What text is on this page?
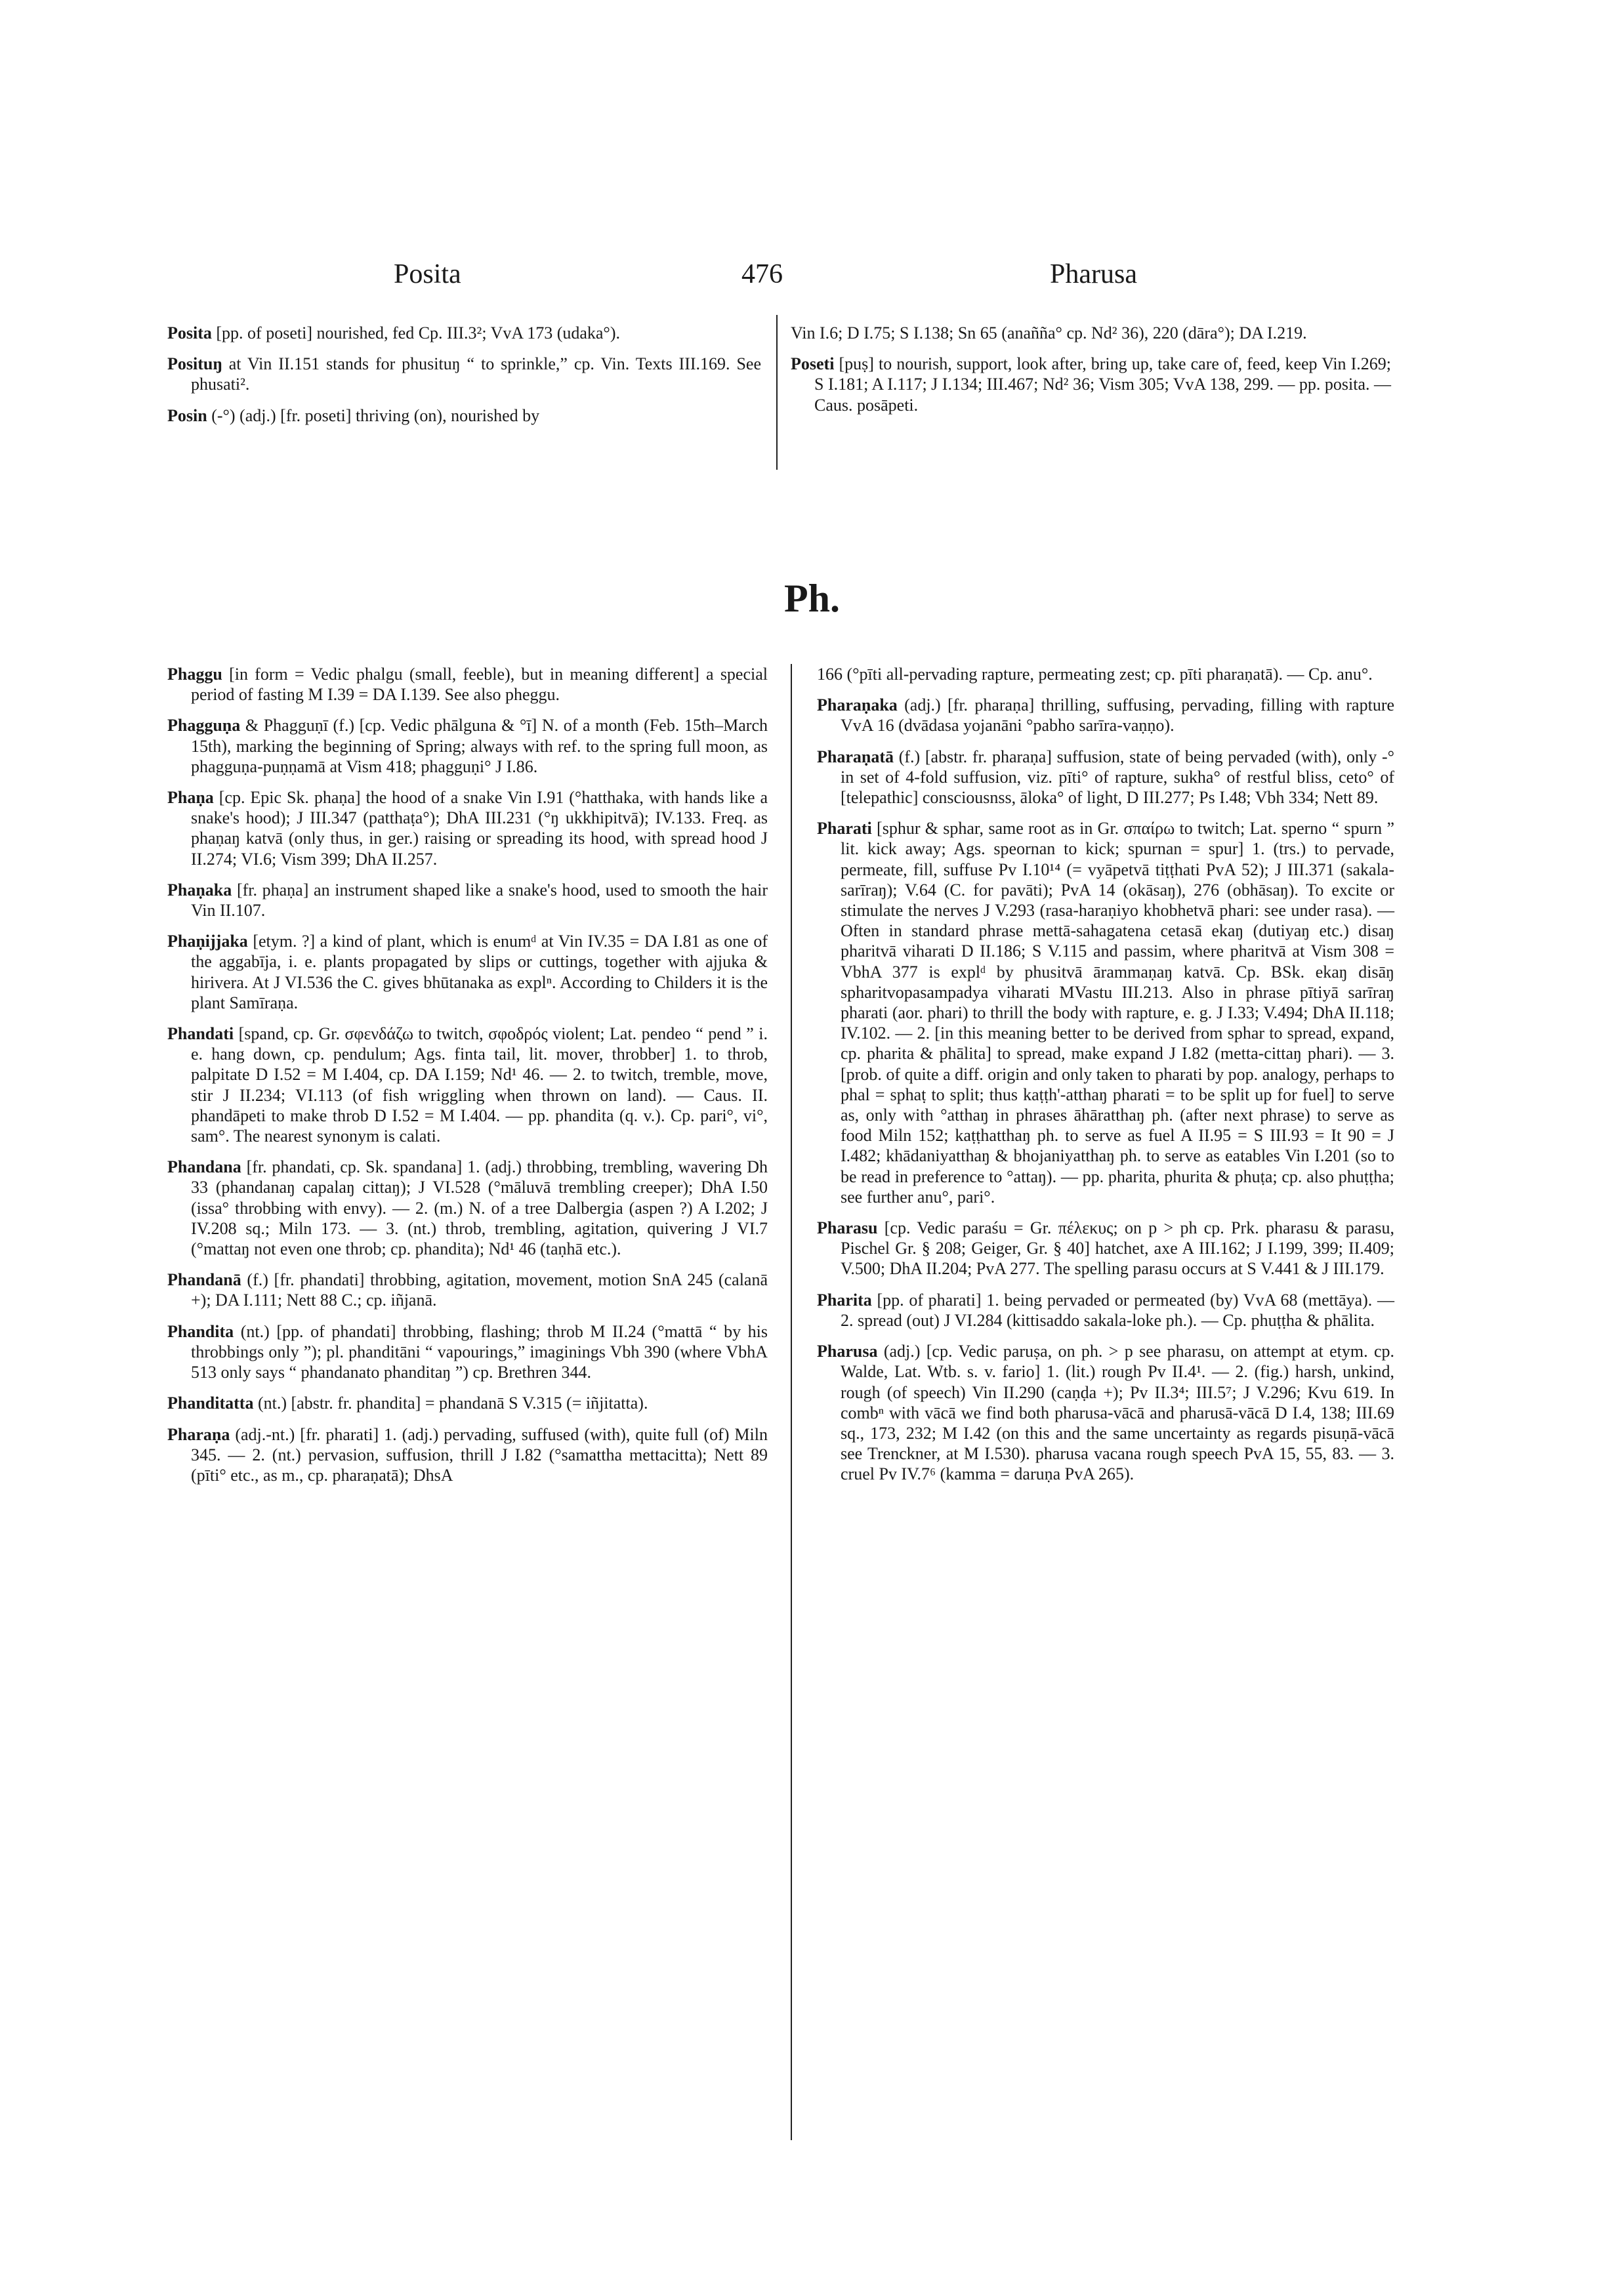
Posita	476	Pharusa

Posita [pp. of poseti] nourished, fed Cp. III.3²; VvA 173 (udaka°).

Posituŋ at Vin II.151 stands for phusituŋ “ to sprinkle,” cp. Vin. Texts III.169. See phusati².

Posin (-°) (adj.) [fr. poseti] thriving (on), nourished by

Vin I.6; D I.75; S I.138; Sn 65 (anañña° cp. Nd² 36), 220 (dāra°); DA I.219.

Poseti [puṣ] to nourish, support, look after, bring up, take care of, feed, keep Vin I.269; S I.181; A I.117; J I.134; III.467; Nd² 36; Vism 305; VvA 138, 299. — pp. posita. — Caus. posāpeti.

Ph.

Phaggu [in form = Vedic phalgu (small, feeble), but in meaning different] a special period of fasting M I.39 = DA I.139. See also pheggu.

Phagguṇa & Phagguṇī (f.) [cp. Vedic phālguna & °ī] N. of a month (Feb. 15th–March 15th), marking the beginning of Spring; always with ref. to the spring full moon, as phagguṇa-puṇṇamā at Vism 418; phagguṇi° J I.86.

Phaṇa [cp. Epic Sk. phaṇa] the hood of a snake Vin I.91 (°hatthaka, with hands like a snake's hood); J III.347 (patthaṭa°); DhA III.231 (°ŋ ukkhipitvā); IV.133. Freq. as phaṇaŋ katvā (only thus, in ger.) raising or spreading its hood, with spread hood J II.274; VI.6; Vism 399; DhA II.257.

Phaṇaka [fr. phaṇa] an instrument shaped like a snake's hood, used to smooth the hair Vin II.107.

Phaṇijjaka [etym. ?] a kind of plant, which is enumᵈ at Vin IV.35 = DA I.81 as one of the aggabīja, i. e. plants propagated by slips or cuttings, together with ajjuka & hirivera. At J VI.536 the C. gives bhūtanaka as explⁿ. According to Childers it is the plant Samīraṇa.

Phandati [spand, cp. Gr. σφενδάζω to twitch, σφοδρός violent; Lat. pendeo “ pend ” i. e. hang down, cp. pendulum; Ags. finta tail, lit. mover, throbber] 1. to throb, palpitate D I.52 = M I.404, cp. DA I.159; Nd¹ 46. — 2. to twitch, tremble, move, stir J II.234; VI.113 (of fish wriggling when thrown on land). — Caus. II. phandāpeti to make throb D I.52 = M I.404. — pp. phandita (q. v.). Cp. pari°, vi°, sam°. The nearest synonym is calati.

Phandana [fr. phandati, cp. Sk. spandana] 1. (adj.) throbbing, trembling, wavering Dh 33 (phandanaŋ capalaŋ cittaŋ); J VI.528 (°māluvā trembling creeper); DhA I.50 (issa° throbbing with envy). — 2. (m.) N. of a tree Dalbergia (aspen ?) A I.202; J IV.208 sq.; Miln 173. — 3. (nt.) throb, trembling, agitation, quivering J VI.7 (°mattaŋ not even one throb; cp. phandita); Nd¹ 46 (taṇhā etc.).

Phandanā (f.) [fr. phandati] throbbing, agitation, movement, motion SnA 245 (calanā +); DA I.111; Nett 88 C.; cp. iñjanā.

Phandita (nt.) [pp. of phandati] throbbing, flashing; throb M II.24 (°mattā “ by his throbbings only ”); pl. phanditāni “ vapourings,” imaginings Vbh 390 (where VbhA 513 only says “ phandanato phanditaŋ ”) cp. Brethren 344.

Phanditatta (nt.) [abstr. fr. phandita] = phandanā S V.315 (= iñjitatta).

Pharaṇa (adj.-nt.) [fr. pharati] 1. (adj.) pervading, suffused (with), quite full (of) Miln 345. — 2. (nt.) pervasion, suffusion, thrill J I.82 (°samattha mettacitta); Nett 89 (pīti° etc., as m., cp. pharaṇatā); DhsA

166 (°pīti all-pervading rapture, permeating zest; cp. pīti pharaṇatā). — Cp. anu°.

Pharaṇaka (adj.) [fr. pharaṇa] thrilling, suffusing, pervading, filling with rapture VvA 16 (dvādasa yojanāni °pabho sarīra-vaṇṇo).

Pharaṇatā (f.) [abstr. fr. pharaṇa] suffusion, state of being pervaded (with), only -° in set of 4-fold suffusion, viz. pīti° of rapture, sukha° of restful bliss, ceto° of [telepathic] consciousnss, āloka° of light, D III.277; Ps I.48; Vbh 334; Nett 89.

Pharati [sphur & sphar, same root as in Gr. σπαίρω to twitch; Lat. sperno “ spurn ” lit. kick away; Ags. speornan to kick; spurnan = spur] 1. (trs.) to pervade, permeate, fill, suffuse Pv I.10¹⁴ (= vyāpetvā tiṭṭhati PvA 52); J III.371 (sakala-sarīraŋ); V.64 (C. for pavāti); PvA 14 (okāsaŋ), 276 (obhāsaŋ). To excite or stimulate the nerves J V.293 (rasa-haraṇiyo khobhetvā phari: see under rasa). — Often in standard phrase mettā-sahagatena cetasā ekaŋ (dutiyaŋ etc.) disaŋ pharitvā viharati D II.186; S V.115 and passim, where pharitvā at Vism 308 = VbhA 377 is explᵈ by phusitvā ārammaṇaŋ katvā. Cp. BSk. ekaŋ disāŋ spharitvopasampadya viharati MVastu III.213. Also in phrase pītiyā sarīraŋ pharati (aor. phari) to thrill the body with rapture, e. g. J I.33; V.494; DhA II.118; IV.102. — 2. [in this meaning better to be derived from sphar to spread, expand, cp. pharita & phālita] to spread, make expand J I.82 (metta-cittaŋ phari). — 3. [prob. of quite a diff. origin and only taken to pharati by pop. analogy, perhaps to phal = sphaṭ to split; thus kaṭṭh'-atthaŋ pharati = to be split up for fuel] to serve as, only with °atthaŋ in phrases āhāratthaŋ ph. (after next phrase) to serve as food Miln 152; kaṭṭhatthaŋ ph. to serve as fuel A II.95 = S III.93 = It 90 = J I.482; khādaniyatthaŋ & bhojaniyatthaŋ ph. to serve as eatables Vin I.201 (so to be read in preference to °attaŋ). — pp. pharita, phurita & phuṭa; cp. also phuṭṭha; see further anu°, pari°.

Pharasu [cp. Vedic paraśu = Gr. πέλεκυς; on p > ph cp. Prk. pharasu & parasu, Pischel Gr. § 208; Geiger, Gr. § 40] hatchet, axe A III.162; J I.199, 399; II.409; V.500; DhA II.204; PvA 277. The spelling parasu occurs at S V.441 & J III.179.

Pharita [pp. of pharati] 1. being pervaded or permeated (by) VvA 68 (mettāya). — 2. spread (out) J VI.284 (kittisaddo sakala-loke ph.). — Cp. phuṭṭha & phālita.

Pharusa (adj.) [cp. Vedic paruṣa, on ph. > p see pharasu, on attempt at etym. cp. Walde, Lat. Wtb. s. v. fario] 1. (lit.) rough Pv II.4¹. — 2. (fig.) harsh, unkind, rough (of speech) Vin II.290 (caṇḍa +); Pv II.3⁴; III.5⁷; J V.296; Kvu 619. In combⁿ with vācā we find both pharusa-vācā and pharusā-vācā D I.4, 138; III.69 sq., 173, 232; M I.42 (on this and the same uncertainty as regards pisuṇā-vācā see Trenckner, at M I.530). pharusa vacana rough speech PvA 15, 55, 83. — 3. cruel Pv IV.7⁶ (kamma = daruṇa PvA 265).
